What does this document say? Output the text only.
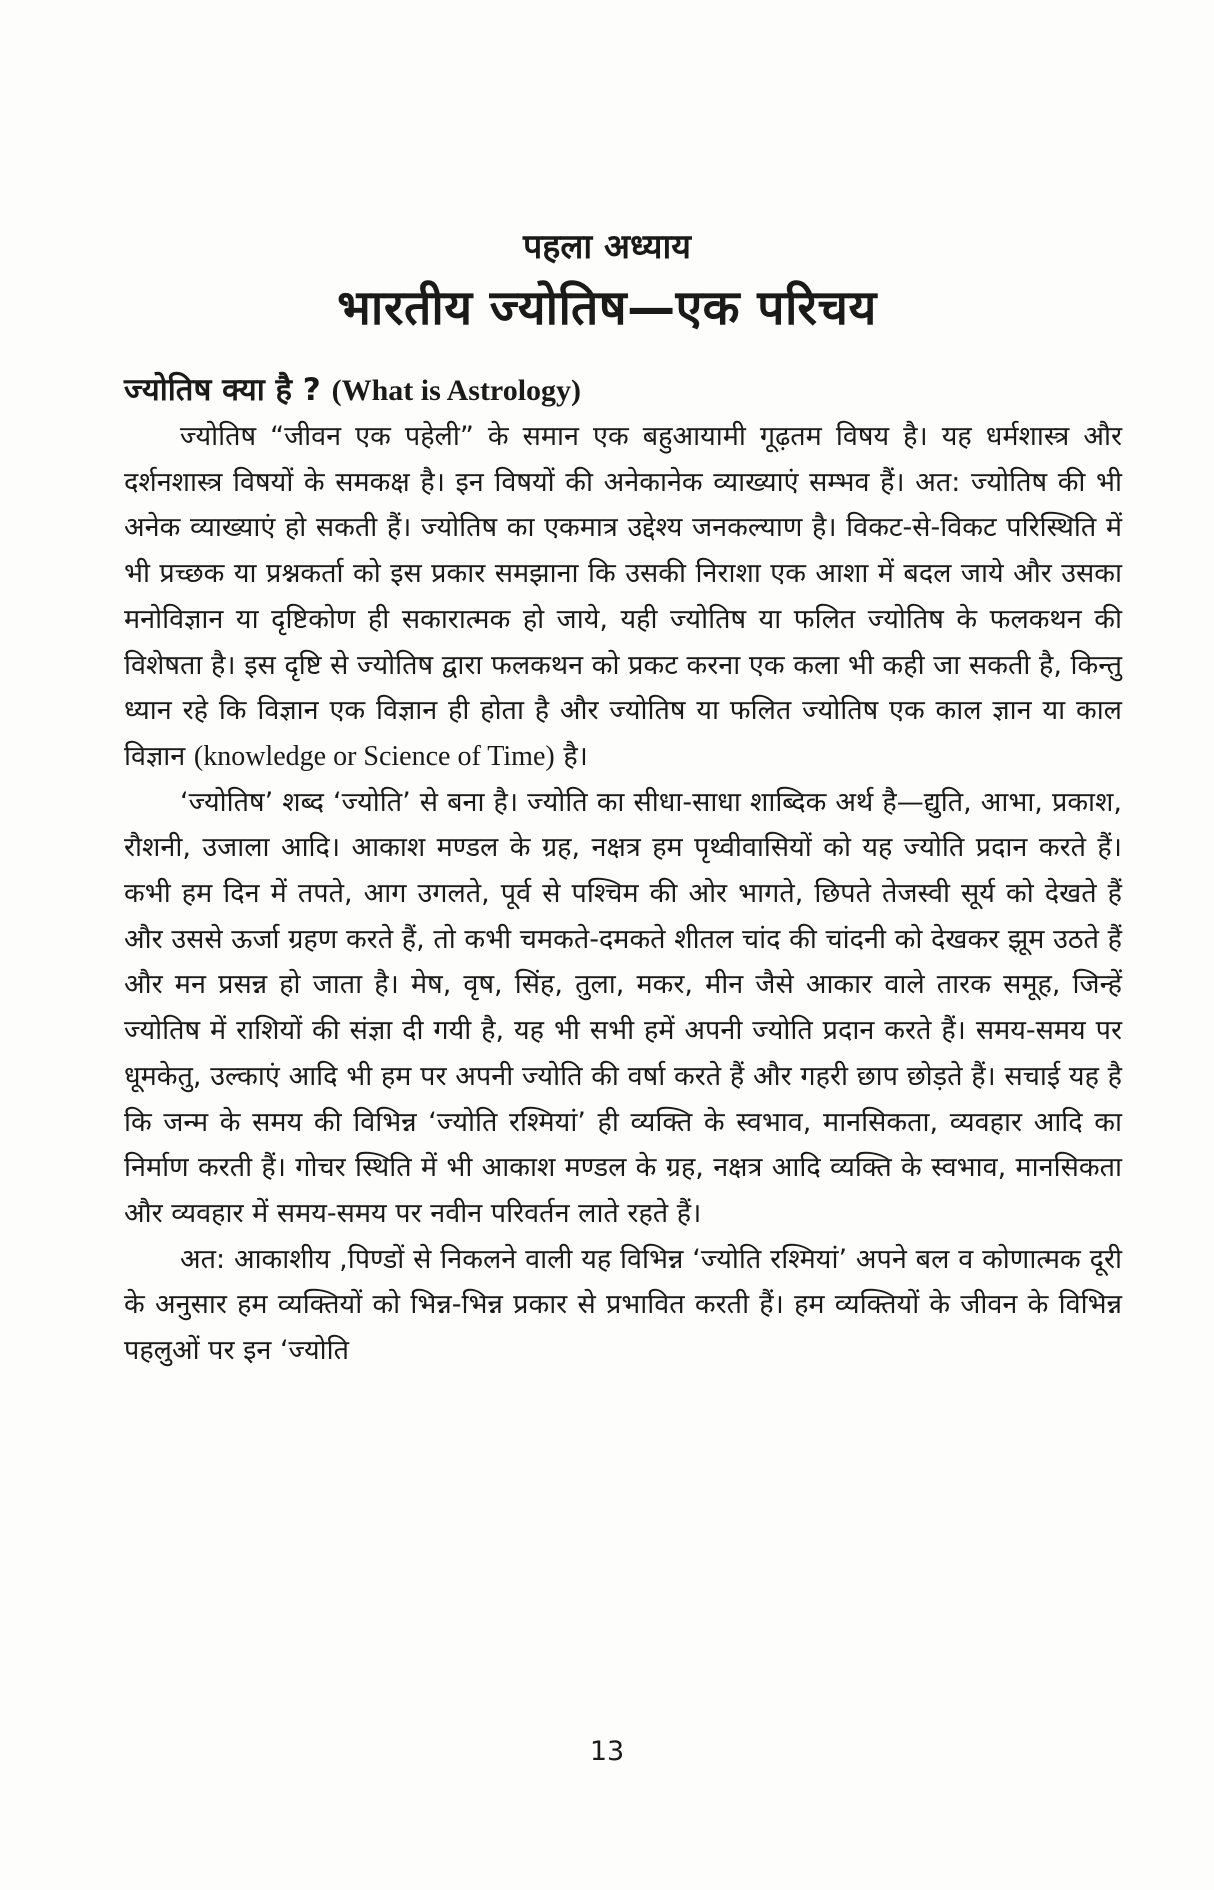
पहला अध्याय
भारतीय ज्योतिष—एक परिचय
ज्योतिष क्या है ? (What is Astrology)

ज्योतिष “जीवन एक पहेली” के समान एक बहुआयामी गूढ़तम विषय है। यह धर्मशास्त्र और दर्शनशास्त्र विषयों के समकक्ष है। इन विषयों की अनेकानेक व्याख्याएं सम्भव हैं। अत: ज्योतिष की भी अनेक व्याख्याएं हो सकती हैं। ज्योतिष का एकमात्र उद्देश्य जनकल्याण है। विकट-से-विकट परिस्थिति में भी प्रच्छक या प्रश्नकर्ता को इस प्रकार समझाना कि उसकी निराशा एक आशा में बदल जाये और उसका मनोविज्ञान या दृष्टिकोण ही सकारात्मक हो जाये, यही ज्योतिष या फलित ज्योतिष के फलकथन की विशेषता है। इस दृष्टि से ज्योतिष द्वारा फलकथन को प्रकट करना एक कला भी कही जा सकती है, किन्तु ध्यान रहे कि विज्ञान एक विज्ञान ही होता है और ज्योतिष या फलित ज्योतिष एक काल ज्ञान या काल विज्ञान (knowledge or Science of Time) है।

‘ज्योतिष’ शब्द ‘ज्योति’ से बना है। ज्योति का सीधा-साधा शाब्दिक अर्थ है—द्युति, आभा, प्रकाश, रौशनी, उजाला आदि। आकाश मण्डल के ग्रह, नक्षत्र हम पृथ्वीवासियों को यह ज्योति प्रदान करते हैं। कभी हम दिन में तपते, आग उगलते, पूर्व से पश्चिम की ओर भागते, छिपते तेजस्वी सूर्य को देखते हैं और उससे ऊर्जा ग्रहण करते हैं, तो कभी चमकते-दमकते शीतल चांद की चांदनी को देखकर झूम उठते हैं और मन प्रसन्न हो जाता है। मेष, वृष, सिंह, तुला, मकर, मीन जैसे आकार वाले तारक समूह, जिन्हें ज्योतिष में राशियों की संज्ञा दी गयी है, यह भी सभी हमें अपनी ज्योति प्रदान करते हैं। समय-समय पर धूमकेतु, उल्काएं आदि भी हम पर अपनी ज्योति की वर्षा करते हैं और गहरी छाप छोड़ते हैं। सचाई यह है कि जन्म के समय की विभिन्न ‘ज्योति रश्मियां’ ही व्यक्ति के स्वभाव, मानसिकता, व्यवहार आदि का निर्माण करती हैं। गोचर स्थिति में भी आकाश मण्डल के ग्रह, नक्षत्र आदि व्यक्ति के स्वभाव, मानसिकता और व्यवहार में समय-समय पर नवीन परिवर्तन लाते रहते हैं।

अत: आकाशीय ,पिण्डों से निकलने वाली यह विभिन्न ‘ज्योति रश्मियां’ अपने बल व कोणात्मक दूरी के अनुसार हम व्यक्तियों को भिन्न-भिन्न प्रकार से प्रभावित करती हैं। हम व्यक्तियों के जीवन के विभिन्न पहलुओं पर इन ‘ज्योति

13
